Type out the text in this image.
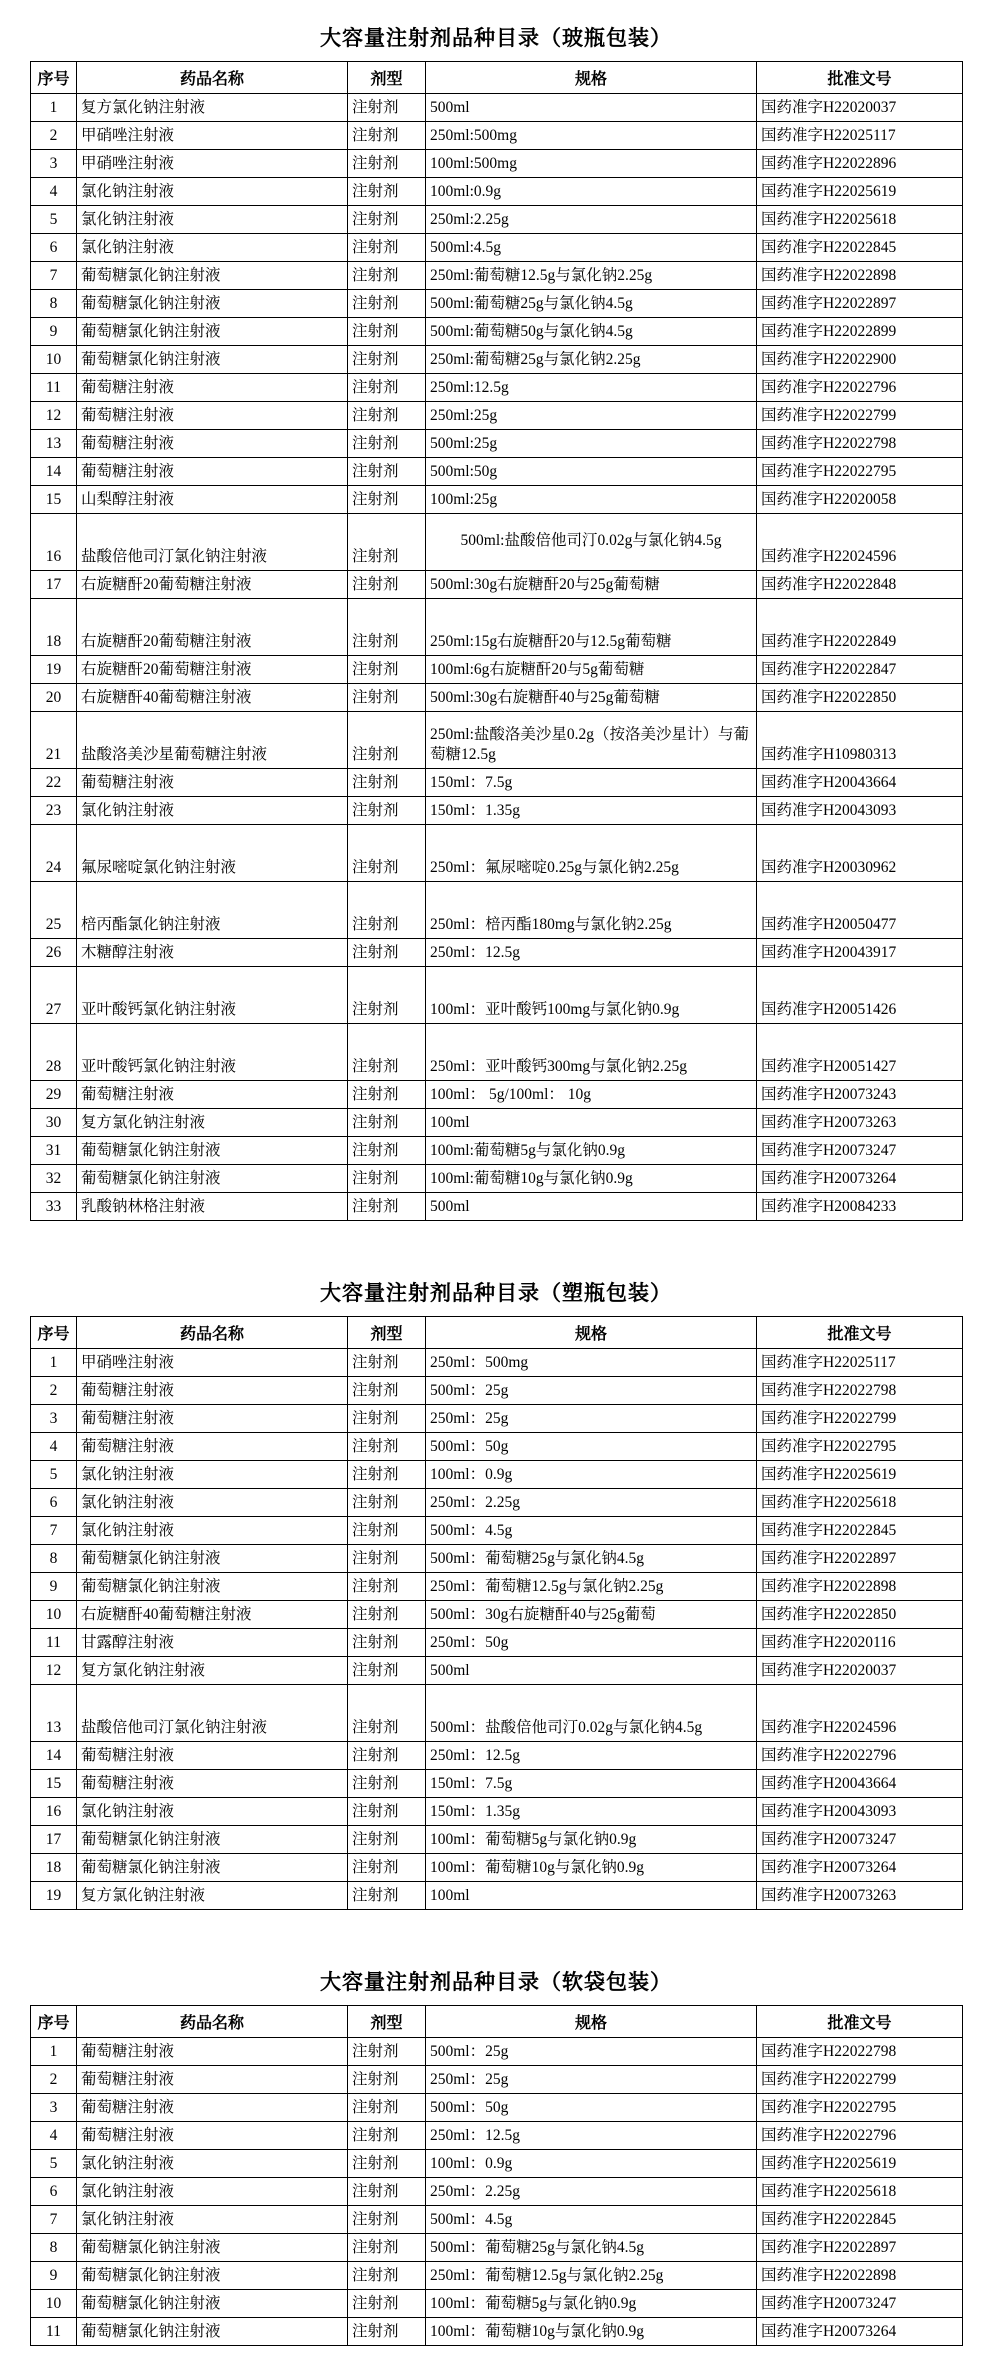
大容量注射剂品种目录（玻瓶包装）
序号	药品名称	剂型	规格	批准文号
1	复方氯化钠注射液	注射剂	500ml	国药准字H22020037
2	甲硝唑注射液	注射剂	250ml:500mg	国药准字H22025117
3	甲硝唑注射液	注射剂	100ml:500mg	国药准字H22022896
4	氯化钠注射液	注射剂	100ml:0.9g	国药准字H22025619
5	氯化钠注射液	注射剂	250ml:2.25g	国药准字H22025618
6	氯化钠注射液	注射剂	500ml:4.5g	国药准字H22022845
7	葡萄糖氯化钠注射液	注射剂	250ml:葡萄糖12.5g与氯化钠2.25g	国药准字H22022898
8	葡萄糖氯化钠注射液	注射剂	500ml:葡萄糖25g与氯化钠4.5g	国药准字H22022897
9	葡萄糖氯化钠注射液	注射剂	500ml:葡萄糖50g与氯化钠4.5g	国药准字H22022899
10	葡萄糖氯化钠注射液	注射剂	250ml:葡萄糖25g与氯化钠2.25g	国药准字H22022900
11	葡萄糖注射液	注射剂	250ml:12.5g	国药准字H22022796
12	葡萄糖注射液	注射剂	250ml:25g	国药准字H22022799
13	葡萄糖注射液	注射剂	500ml:25g	国药准字H22022798
14	葡萄糖注射液	注射剂	500ml:50g	国药准字H22022795
15	山梨醇注射液	注射剂	100ml:25g	国药准字H22020058
16	盐酸倍他司汀氯化钠注射液	注射剂	500ml:盐酸倍他司汀0.02g与氯化钠4.5g	国药准字H22024596
17	右旋糖酐20葡萄糖注射液	注射剂	500ml:30g右旋糖酐20与25g葡萄糖	国药准字H22022848
18	右旋糖酐20葡萄糖注射液	注射剂	250ml:15g右旋糖酐20与12.5g葡萄糖	国药准字H22022849
19	右旋糖酐20葡萄糖注射液	注射剂	100ml:6g右旋糖酐20与5g葡萄糖	国药准字H22022847
20	右旋糖酐40葡萄糖注射液	注射剂	500ml:30g右旋糖酐40与25g葡萄糖	国药准字H22022850
21	盐酸洛美沙星葡萄糖注射液	注射剂	250ml:盐酸洛美沙星0.2g（按洛美沙星计）与葡萄糖12.5g	国药准字H10980313
22	葡萄糖注射液	注射剂	150ml：7.5g	国药准字H20043664
23	氯化钠注射液	注射剂	150ml：1.35g	国药准字H20043093
24	氟尿嘧啶氯化钠注射液	注射剂	250ml：氟尿嘧啶0.25g与氯化钠2.25g	国药准字H20030962
25	棓丙酯氯化钠注射液	注射剂	250ml：棓丙酯180mg与氯化钠2.25g	国药准字H20050477
26	木糖醇注射液	注射剂	250ml：12.5g	国药准字H20043917
27	亚叶酸钙氯化钠注射液	注射剂	100ml：亚叶酸钙100mg与氯化钠0.9g	国药准字H20051426
28	亚叶酸钙氯化钠注射液	注射剂	250ml：亚叶酸钙300mg与氯化钠2.25g	国药准字H20051427
29	葡萄糖注射液	注射剂	100ml： 5g/100ml： 10g	国药准字H20073243
30	复方氯化钠注射液	注射剂	100ml	国药准字H20073263
31	葡萄糖氯化钠注射液	注射剂	100ml:葡萄糖5g与氯化钠0.9g	国药准字H20073247
32	葡萄糖氯化钠注射液	注射剂	100ml:葡萄糖10g与氯化钠0.9g	国药准字H20073264
33	乳酸钠林格注射液	注射剂	500ml	国药准字H20084233
大容量注射剂品种目录（塑瓶包装）
序号	药品名称	剂型	规格	批准文号
1	甲硝唑注射液	注射剂	250ml：500mg	国药准字H22025117
2	葡萄糖注射液	注射剂	500ml：25g	国药准字H22022798
3	葡萄糖注射液	注射剂	250ml：25g	国药准字H22022799
4	葡萄糖注射液	注射剂	500ml：50g	国药准字H22022795
5	氯化钠注射液	注射剂	100ml：0.9g	国药准字H22025619
6	氯化钠注射液	注射剂	250ml：2.25g	国药准字H22025618
7	氯化钠注射液	注射剂	500ml：4.5g	国药准字H22022845
8	葡萄糖氯化钠注射液	注射剂	500ml：葡萄糖25g与氯化钠4.5g	国药准字H22022897
9	葡萄糖氯化钠注射液	注射剂	250ml：葡萄糖12.5g与氯化钠2.25g	国药准字H22022898
10	右旋糖酐40葡萄糖注射液	注射剂	500ml：30g右旋糖酐40与25g葡萄	国药准字H22022850
11	甘露醇注射液	注射剂	250ml：50g	国药准字H22020116
12	复方氯化钠注射液	注射剂	500ml	国药准字H22020037
13	盐酸倍他司汀氯化钠注射液	注射剂	500ml：盐酸倍他司汀0.02g与氯化钠4.5g	国药准字H22024596
14	葡萄糖注射液	注射剂	250ml：12.5g	国药准字H22022796
15	葡萄糖注射液	注射剂	150ml：7.5g	国药准字H20043664
16	氯化钠注射液	注射剂	150ml：1.35g	国药准字H20043093
17	葡萄糖氯化钠注射液	注射剂	100ml：葡萄糖5g与氯化钠0.9g	国药准字H20073247
18	葡萄糖氯化钠注射液	注射剂	100ml：葡萄糖10g与氯化钠0.9g	国药准字H20073264
19	复方氯化钠注射液	注射剂	100ml	国药准字H20073263
大容量注射剂品种目录（软袋包装）
序号	药品名称	剂型	规格	批准文号
1	葡萄糖注射液	注射剂	500ml：25g	国药准字H22022798
2	葡萄糖注射液	注射剂	250ml：25g	国药准字H22022799
3	葡萄糖注射液	注射剂	500ml：50g	国药准字H22022795
4	葡萄糖注射液	注射剂	250ml：12.5g	国药准字H22022796
5	氯化钠注射液	注射剂	100ml：0.9g	国药准字H22025619
6	氯化钠注射液	注射剂	250ml：2.25g	国药准字H22025618
7	氯化钠注射液	注射剂	500ml：4.5g	国药准字H22022845
8	葡萄糖氯化钠注射液	注射剂	500ml：葡萄糖25g与氯化钠4.5g	国药准字H22022897
9	葡萄糖氯化钠注射液	注射剂	250ml：葡萄糖12.5g与氯化钠2.25g	国药准字H22022898
10	葡萄糖氯化钠注射液	注射剂	100ml：葡萄糖5g与氯化钠0.9g	国药准字H20073247
11	葡萄糖氯化钠注射液	注射剂	100ml：葡萄糖10g与氯化钠0.9g	国药准字H20073264
